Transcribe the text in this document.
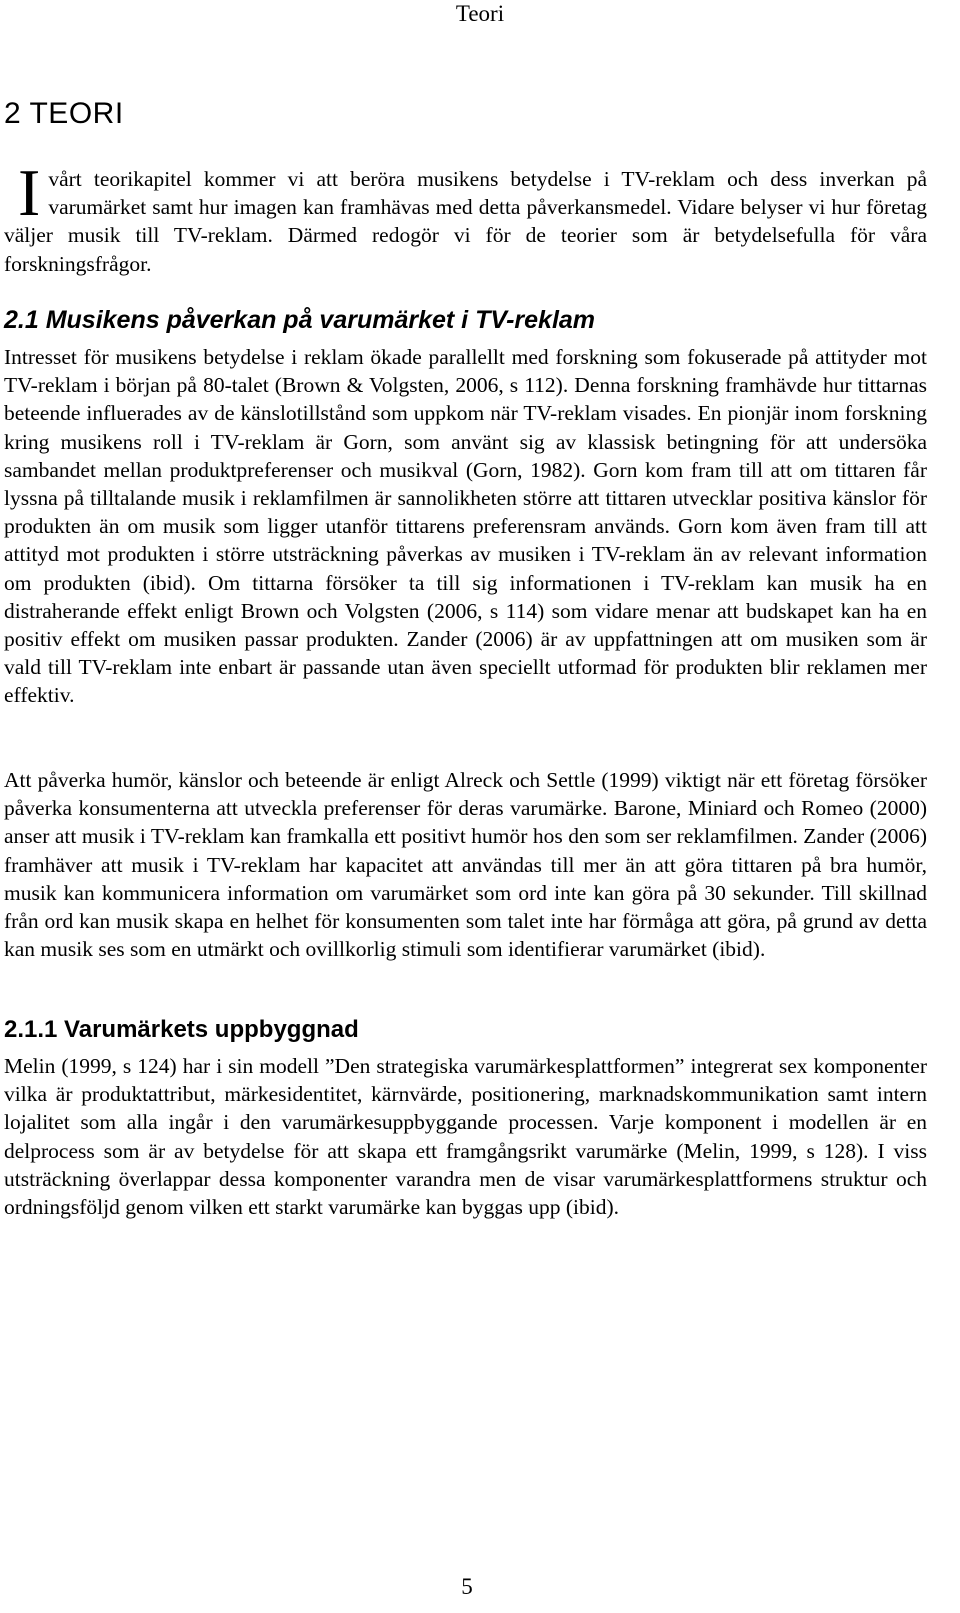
Teori
2 TEORI

Ivårt teorikapitel kommer vi att beröra musikens betydelse i TV-reklam och dess inverkan på varumärket samt hur imagen kan framhävas med detta påverkansmedel. Vidare belyser vi hur företag väljer musik till TV-reklam. Därmed redogör vi för de teorier som är betydelsefulla för våra forskningsfrågor.

2.1 Musikens påverkan på varumärket i TV-reklam

Intresset för musikens betydelse i reklam ökade parallellt med forskning som fokuserade på attityder mot TV-reklam i början på 80-talet (Brown & Volgsten, 2006, s 112). Denna forskning framhävde hur tittarnas beteende influerades av de känslotillstånd som uppkom när TV-reklam visades. En pionjär inom forskning kring musikens roll i TV-reklam är Gorn, som använt sig av klassisk betingning för att undersöka sambandet mellan produktpreferenser och musikval (Gorn, 1982). Gorn kom fram till att om tittaren får lyssna på tilltalande musik i reklamfilmen är sannolikheten större att tittaren utvecklar positiva känslor för produkten än om musik som ligger utanför tittarens preferensram används. Gorn kom även fram till att attityd mot produkten i större utsträckning påverkas av musiken i TV-reklam än av relevant information om produkten (ibid). Om tittarna försöker ta till sig informationen i TV-reklam kan musik ha en distraherande effekt enligt Brown och Volgsten (2006, s 114) som vidare menar att budskapet kan ha en positiv effekt om musiken passar produkten. Zander (2006) är av uppfattningen att om musiken som är vald till TV-reklam inte enbart är passande utan även speciellt utformad för produkten blir reklamen mer effektiv.

Att påverka humör, känslor och beteende är enligt Alreck och Settle (1999) viktigt när ett företag försöker påverka konsumenterna att utveckla preferenser för deras varumärke. Barone, Miniard och Romeo (2000) anser att musik i TV-reklam kan framkalla ett positivt humör hos den som ser reklamfilmen. Zander (2006) framhäver att musik i TV-reklam har kapacitet att användas till mer än att göra tittaren på bra humör, musik kan kommunicera information om varumärket som ord inte kan göra på 30 sekunder. Till skillnad från ord kan musik skapa en helhet för konsumenten som talet inte har förmåga att göra, på grund av detta kan musik ses som en utmärkt och ovillkorlig stimuli som identifierar varumärket (ibid).

2.1.1 Varumärkets uppbyggnad

Melin (1999, s 124) har i sin modell ”Den strategiska varumärkesplattformen” integrerat sex komponenter vilka är produktattribut, märkesidentitet, kärnvärde, positionering, marknadskommunikation samt intern lojalitet som alla ingår i den varumärkesuppbyggande processen. Varje komponent i modellen är en delprocess som är av betydelse för att skapa ett framgångsrikt varumärke (Melin, 1999, s 128). I viss utsträckning överlappar dessa komponenter varandra men de visar varumärkesplattformens struktur och ordningsföljd genom vilken ett starkt varumärke kan byggas upp (ibid).

5
